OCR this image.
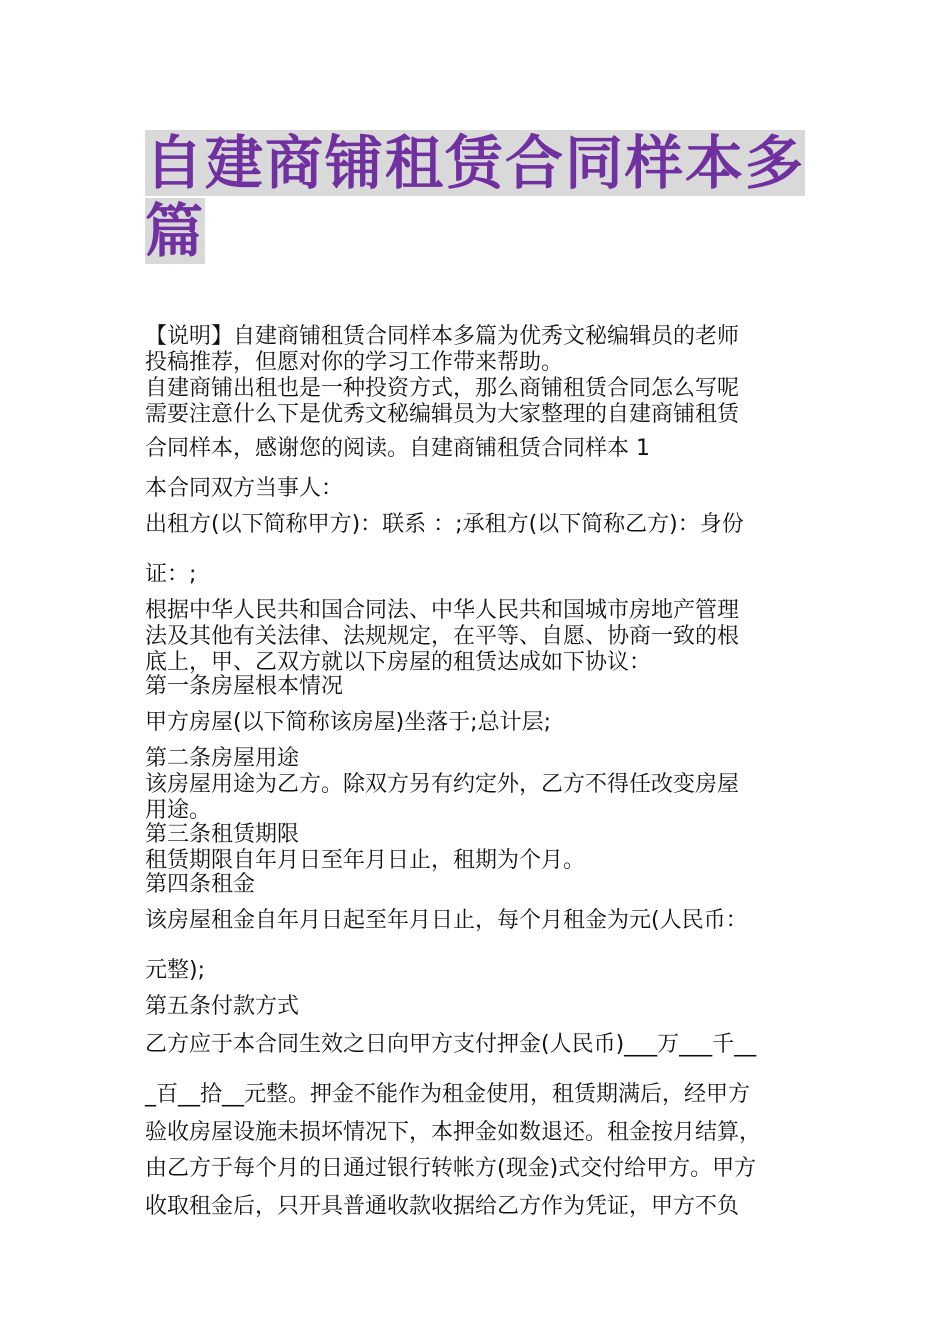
自建商铺租赁合同样本多
篇
【说明】自建商铺租赁合同样本多篇为优秀文秘编辑员的老师
投稿推荐，但愿对你的学习工作带来帮助。
自建商铺出租也是一种投资方式，那么商铺租赁合同怎么写呢
需要注意什么下是优秀文秘编辑员为大家整理的自建商铺租赁
合同样本，感谢您的阅读。自建商铺租赁合同样本 1
本合同双方当事人：
出租方(以下简称甲方)：联系 ：;承租方(以下简称乙方)：身份
证：;
根据中华人民共和国合同法、中华人民共和国城市房地产管理
法及其他有关法律、法规规定，在平等、自愿、协商一致的根
底上，甲、乙双方就以下房屋的租赁达成如下协议：
第一条房屋根本情况
甲方房屋(以下简称该房屋)坐落于;总计层;
第二条房屋用途
该房屋用途为乙方。除双方另有约定外，乙方不得任改变房屋
用途。
第三条租赁期限
租赁期限自年月日至年月日止，租期为个月。
第四条租金
该房屋租金自年月日起至年月日止，每个月租金为元(人民币：
元整);
第五条付款方式
乙方应于本合同生效之日向甲方支付押金(人民币)___万___千__
_百__拾__元整。押金不能作为租金使用，租赁期满后，经甲方
验收房屋设施未损坏情况下，本押金如数退还。租金按月结算，
由乙方于每个月的日通过银行转帐方(现金)式交付给甲方。甲方
收取租金后，只开具普通收款收据给乙方作为凭证，甲方不负
